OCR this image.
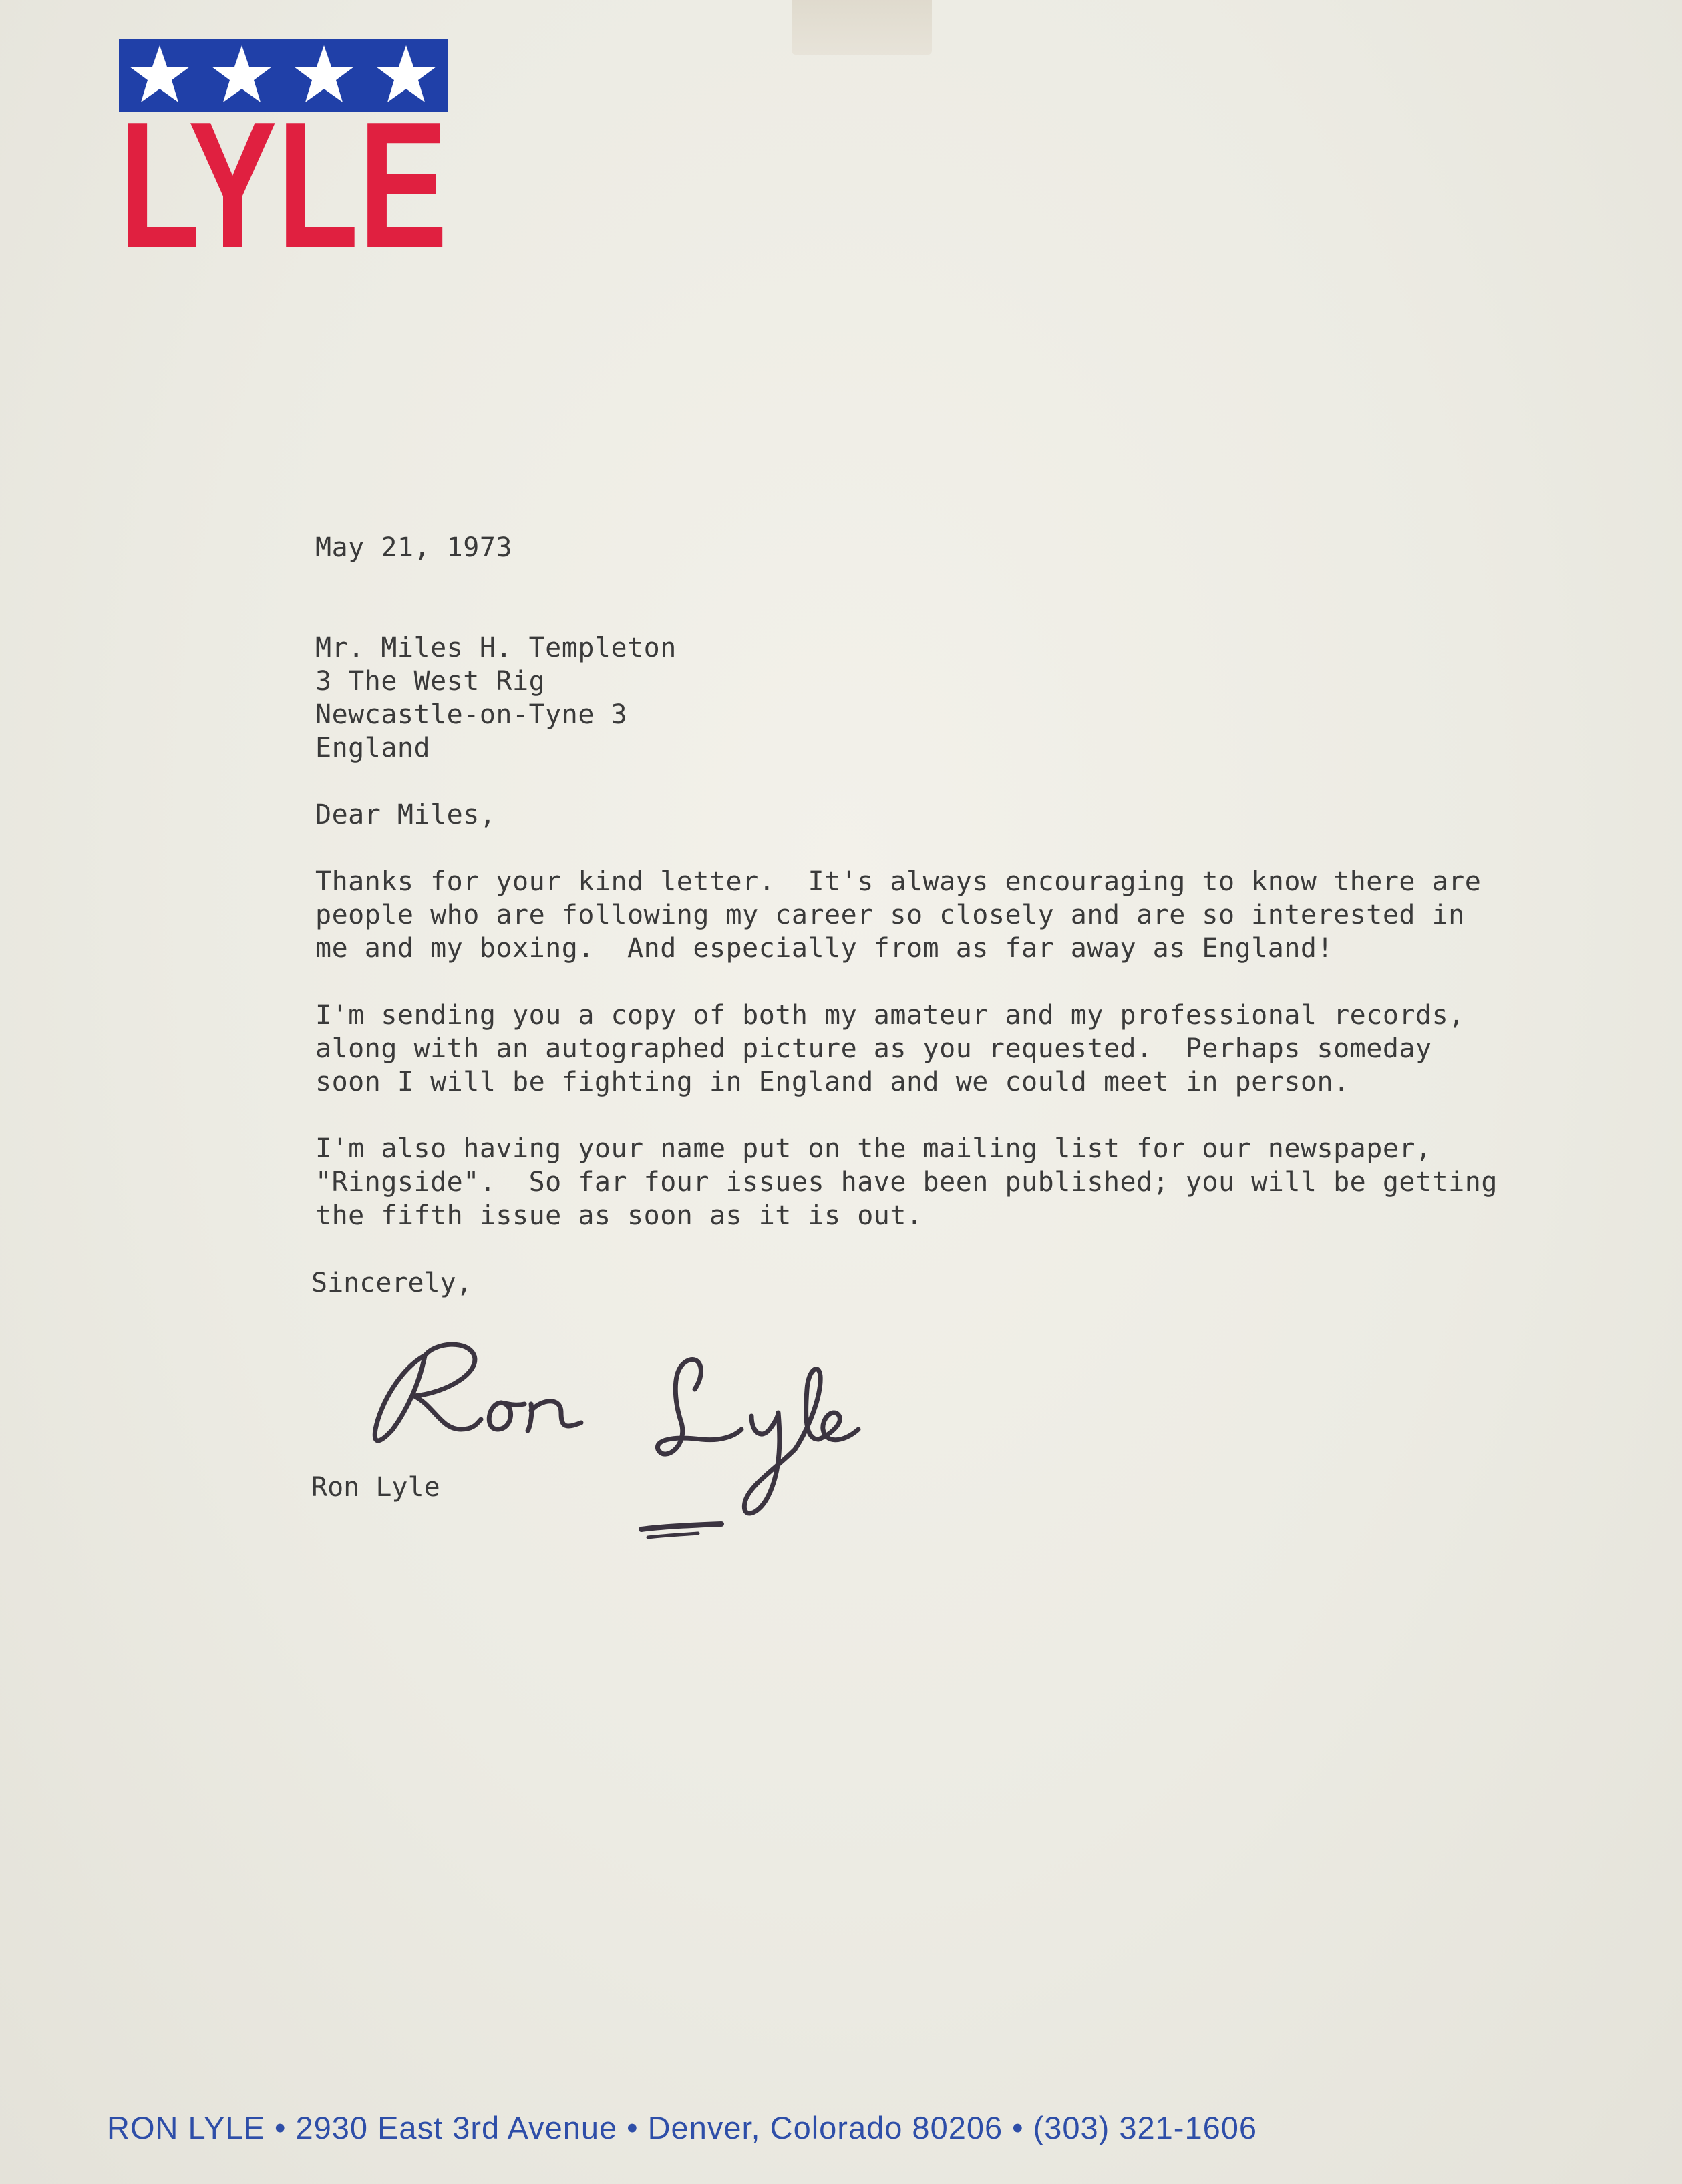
LYLE

May 21, 1973

Mr. Miles H. Templeton

3 The West Rig

Newcastle-on-Tyne 3

England

Dear Miles,

Thanks for your kind letter.  It's always encouraging to know there are

people who are following my career so closely and are so interested in

me and my boxing.  And especially from as far away as England!

I'm sending you a copy of both my amateur and my professional records,

along with an autographed picture as you requested.  Perhaps someday

soon I will be fighting in England and we could meet in person.

I'm also having your name put on the mailing list for our newspaper,

"Ringside".  So far four issues have been published; you will be getting

the fifth issue as soon as it is out.

Sincerely,
Ron Lyle
RON LYLE • 2930 East 3rd Avenue • Denver, Colorado 80206 • (303) 321-1606
